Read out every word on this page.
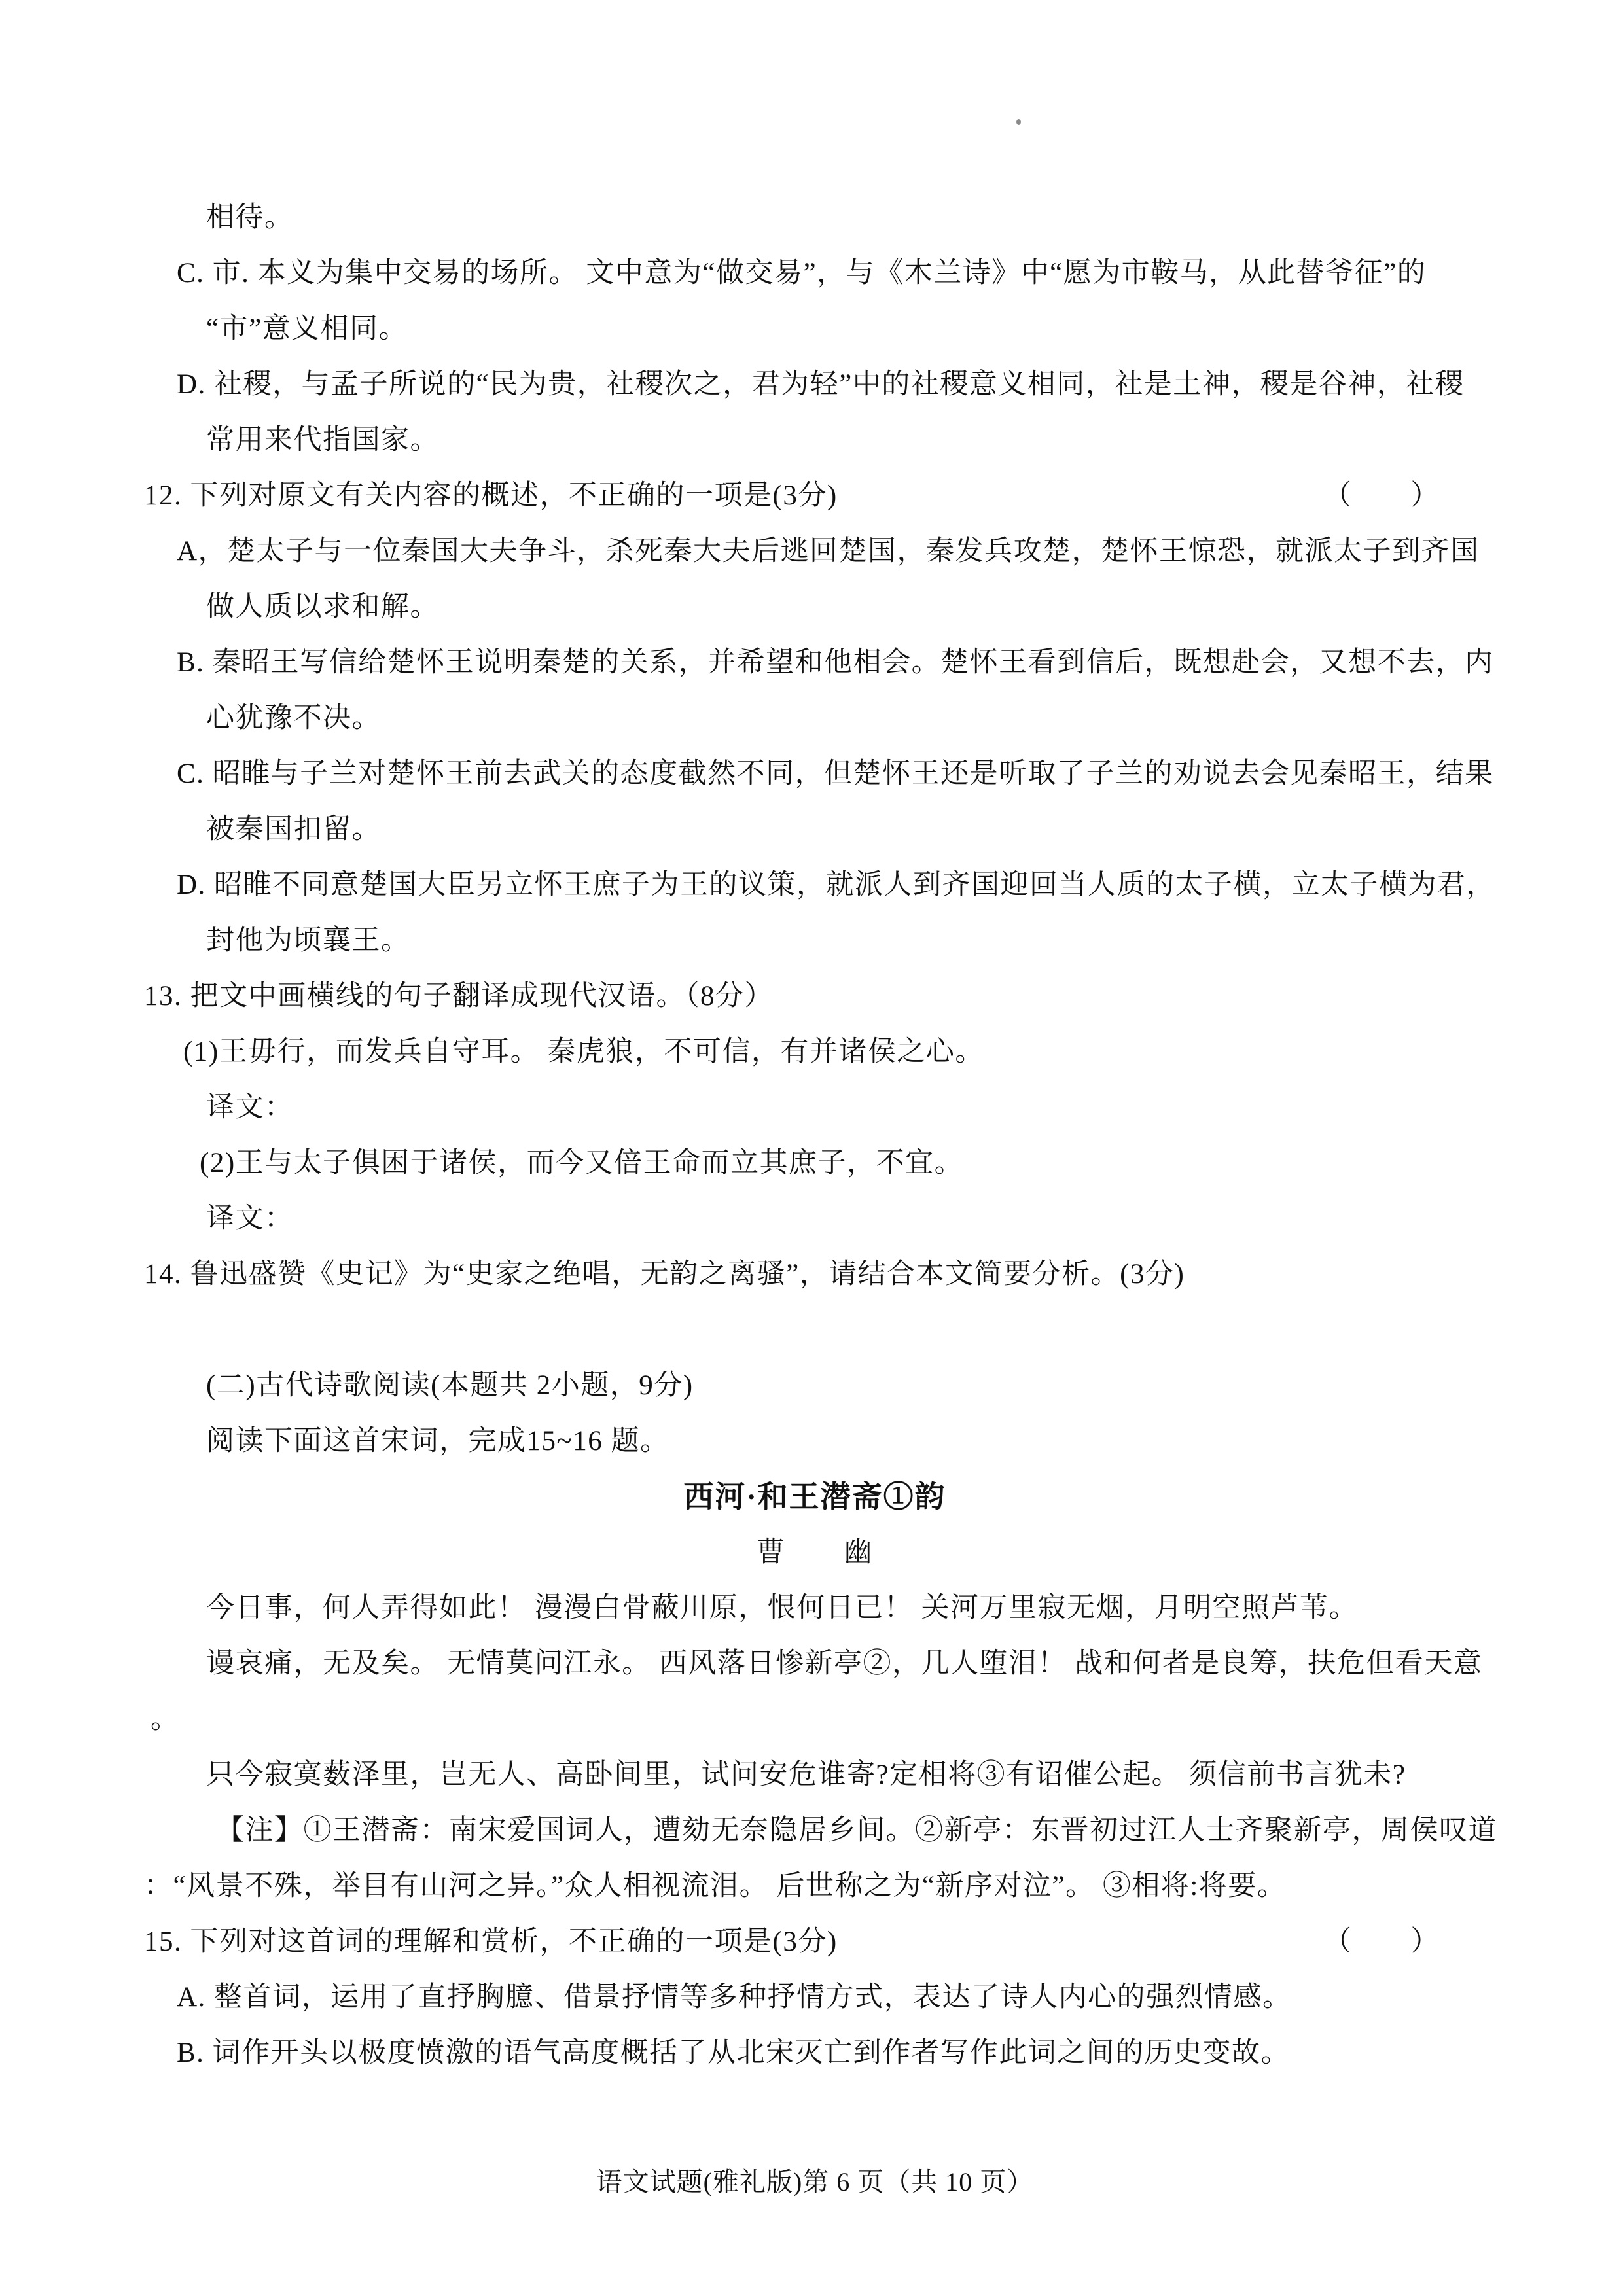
相待。
C. 市. 本义为集中交易的场所。 文中意为“做交易”，与《木兰诗》中“愿为市鞍马，从此替爷征”的
“市”意义相同。
D. 社稷，与孟子所说的“民为贵，社稷次之，君为轻”中的社稷意义相同，社是土神，稷是谷神，社稷
常用来代指国家。
（　　）
12. 下列对原文有关内容的概述，不正确的一项是(3分)
A，楚太子与一位秦国大夫争斗，杀死秦大夫后逃回楚国，秦发兵攻楚，楚怀王惊恐，就派太子到齐国
做人质以求和解。
B. 秦昭王写信给楚怀王说明秦楚的关系，并希望和他相会。楚怀王看到信后，既想赴会，又想不去，内
心犹豫不决。
C. 昭睢与子兰对楚怀王前去武关的态度截然不同，但楚怀王还是听取了子兰的劝说去会见秦昭王，结果
被秦国扣留。
D. 昭睢不同意楚国大臣另立怀王庶子为王的议策，就派人到齐国迎回当人质的太子横，立太子横为君，
封他为顷襄王。
13. 把文中画横线的句子翻译成现代汉语。（8分）
(1)王毋行，而发兵自守耳。 秦虎狼，不可信，有并诸侯之心。
译文：
(2)王与太子俱困于诸侯，而今又倍王命而立其庶子，不宜。
译文：
14. 鲁迅盛赞《史记》为“史家之绝唱，无韵之离骚”，请结合本文简要分析。(3分)
(二)古代诗歌阅读(本题共 2小题，9分)
阅读下面这首宋词，完成15~16 题。
西河·和王潜斋①韵
曹　　幽
今日事，何人弄得如此！ 漫漫白骨蔽川原，恨何日已！ 关河万里寂无烟，月明空照芦苇。
谩哀痛，无及矣。 无情莫问江永。 西风落日惨新亭②，几人堕泪！ 战和何者是良筹，扶危但看天意
。
只今寂寞薮泽里，岂无人、高卧间里，试问安危谁寄?定相将③有诏催公起。 须信前书言犹未?
【注】①王潜斋：南宋爱国词人，遭劾无奈隐居乡间。②新亭：东晋初过江人士齐聚新亭，周侯叹道
：“风景不殊，举目有山河之异。”众人相视流泪。 后世称之为“新序对泣”。 ③相将:将要。
（　　）
15. 下列对这首词的理解和赏析，不正确的一项是(3分)
A. 整首词，运用了直抒胸臆、借景抒情等多种抒情方式，表达了诗人内心的强烈情感。
B. 词作开头以极度愤激的语气高度概括了从北宋灭亡到作者写作此词之间的历史变故。
语文试题(雅礼版)第 6 页（共 10 页）
